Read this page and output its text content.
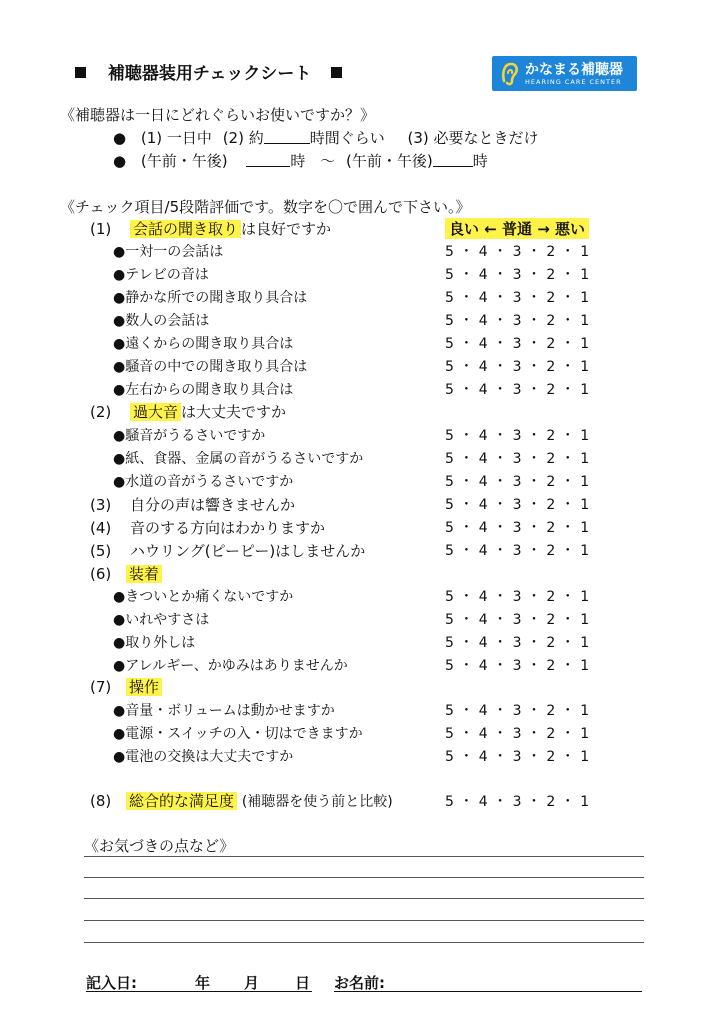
補聴器装用チェックシート	かなまる補聴器
HEARING CARE CENTER
《補聴器は一日にどれぐらいお使いですか？》
● (1) 一日中 (2) 約	時間ぐらい (3) 必要なときだけ
● (午前・午後)	時 ～ (午前・午後)	時
《チェック項目/5段階評価です。数字を〇で囲んで下さい。》
良い ← 普通 → 悪い
(1) 会話の聞き取り は良好ですか
●一対一の会話は	5 ・ 4 ・ 3 ・ 2 ・ 1
●テレビの音は	5 ・ 4 ・ 3 ・ 2 ・ 1
●静かな所での聞き取り具合は	5 ・ 4 ・ 3 ・ 2 ・ 1
●数人の会話は	5 ・ 4 ・ 3 ・ 2 ・ 1
●遠くからの聞き取り具合は	5 ・ 4 ・ 3 ・ 2 ・ 1
●騒音の中での聞き取り具合は	5 ・ 4 ・ 3 ・ 2 ・ 1
●左右からの聞き取り具合は	5 ・ 4 ・ 3 ・ 2 ・ 1
(2) 過大音 は大丈夫ですか
●騒音がうるさいですか	5 ・ 4 ・ 3 ・ 2 ・ 1
●紙、食器、金属の音がうるさいですか	5 ・ 4 ・ 3 ・ 2 ・ 1
●水道の音がうるさいですか	5 ・ 4 ・ 3 ・ 2 ・ 1
(3) 自分の声は響きませんか	5 ・ 4 ・ 3 ・ 2 ・ 1
(4) 音のする方向はわかりますか	5 ・ 4 ・ 3 ・ 2 ・ 1
(5) ハウリング(ピーピー)はしませんか	5 ・ 4 ・ 3 ・ 2 ・ 1
(6) 装着
●きついとか痛くないですか	5 ・ 4 ・ 3 ・ 2 ・ 1
●いれやすさは	5 ・ 4 ・ 3 ・ 2 ・ 1
●取り外しは	5 ・ 4 ・ 3 ・ 2 ・ 1
●アレルギー、かゆみはありませんか	5 ・ 4 ・ 3 ・ 2 ・ 1
(7) 操作
●音量・ボリュームは動かせますか	5 ・ 4 ・ 3 ・ 2 ・ 1
●電源・スイッチの入・切はできますか	5 ・ 4 ・ 3 ・ 2 ・ 1
●電池の交換は大丈夫ですか	5 ・ 4 ・ 3 ・ 2 ・ 1
(8) 総合的な満足度 (補聴器を使う前と比較)	5 ・ 4 ・ 3 ・ 2 ・ 1
《お気づきの点など》
記入日:	年 月 日 お名前:
